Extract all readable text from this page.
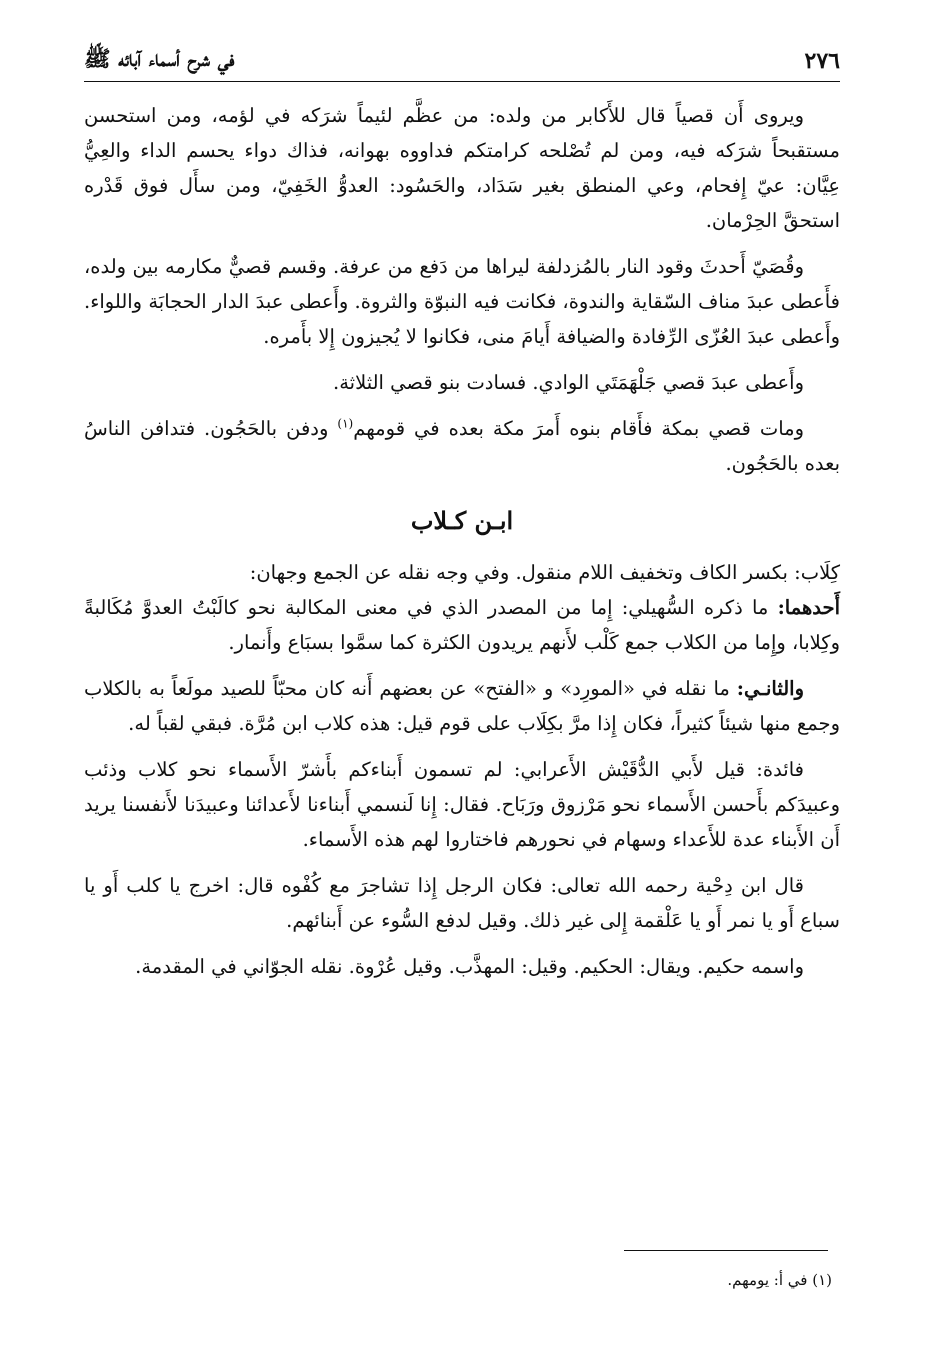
٢٧٦
في شرح أسماء آبائه ﷺ

ويروى أَن قصياً قال للأَكابر من ولده: من عظَّم لئيماً شرَكه في لؤمه، ومن استحسن مستقبحاً شرَكه فيه، ومن لم تُصْلحه كرامتكم فداووه بهوانه، فذاك دواء يحسم الداء والعِيُّ عِيَّان: عيّ إِفحام، وعي المنطق بغير سَدَاد، والحَسُود: العدوُّ الخَفِيّ، ومن سأَل فوق قَدْره استحقَّ الحِرْمان.

وقُصَيّ أَحدثَ وقود النار بالمُزدلفة ليراها من دَفع من عرفة. وقسم قصيٌّ مكارمه بين ولده، فأَعطى عبدَ مناف السّقاية والندوة، فكانت فيه النبوّة والثروة. وأَعطى عبدَ الدار الحجابَة واللواء. وأَعطى عبدَ العُزّى الرِّفادة والضيافة أَيامَ منى، فكانوا لا يُجيزون إِلا بأَمره.

وأَعطى عبدَ قصي جَلْهَمَتَي الوادي. فسادت بنو قصي الثلاثة.

ومات قصي بمكة فأَقام بنوه أَمرَ مكة بعده في قومهم$^{(١)}$ ودفن بالحَجُون. فتدافن الناسُ بعده بالحَجُون.

ابـن كـلاب

كِلَاب: بكسر الكاف وتخفيف اللام منقول. وفي وجه نقله عن الجمع وجهان:
أَحدهما: ما ذكره السُّهيلي: إِما من المصدر الذي في معنى المكالبة نحو كالَبْتُ العدوَّ مُكَالبةً وكِلابا، وإِما من الكلاب جمع كَلْب لأَنهم يريدون الكثرة كما سمَّوا بسبَاع وأَنمار.

والثانـي: ما نقله في «المورِد» و «الفتح» عن بعضهم أَنه كان محبّاً للصيد مولَعاً به بالكلاب وجمع منها شيئاً كثيراً، فكان إِذا مرَّ بكِلَاب على قوم قيل: هذه كلاب ابن مُرَّة. فبقي لقباً له.

فائدة: قيل لأَبي الدُّقَيْش الأَعرابي: لم تسمون أَبناءكم بأَشرّ الأَسماء نحو كلاب وذئب وعبيدَكم بأَحسن الأَسماء نحو مَرْزوق ورَبَاح. فقال: إِنا لَنسمي أَبناءنا لأَعدائنا وعبيدَنا لأَنفسنا يريد أَن الأَبناء عدة للأَعداء وسهام في نحورهم فاختاروا لهم هذه الأَسماء.

قال ابن دِحْية رحمه الله تعالى: فكان الرجل إِذا تشاجرَ مع كُفْوه قال: اخرج يا كلب أَو يا سباع أَو يا نمر أَو يا عَلْقمة إِلى غير ذلك. وقيل لدفع السُّوء عن أَبنائهم.

واسمه حكيم. ويقال: الحكيم. وقيل: المهذَّب. وقيل عُرْوة. نقله الجوّاني في المقدمة.

(١) في أ: يومهم.
